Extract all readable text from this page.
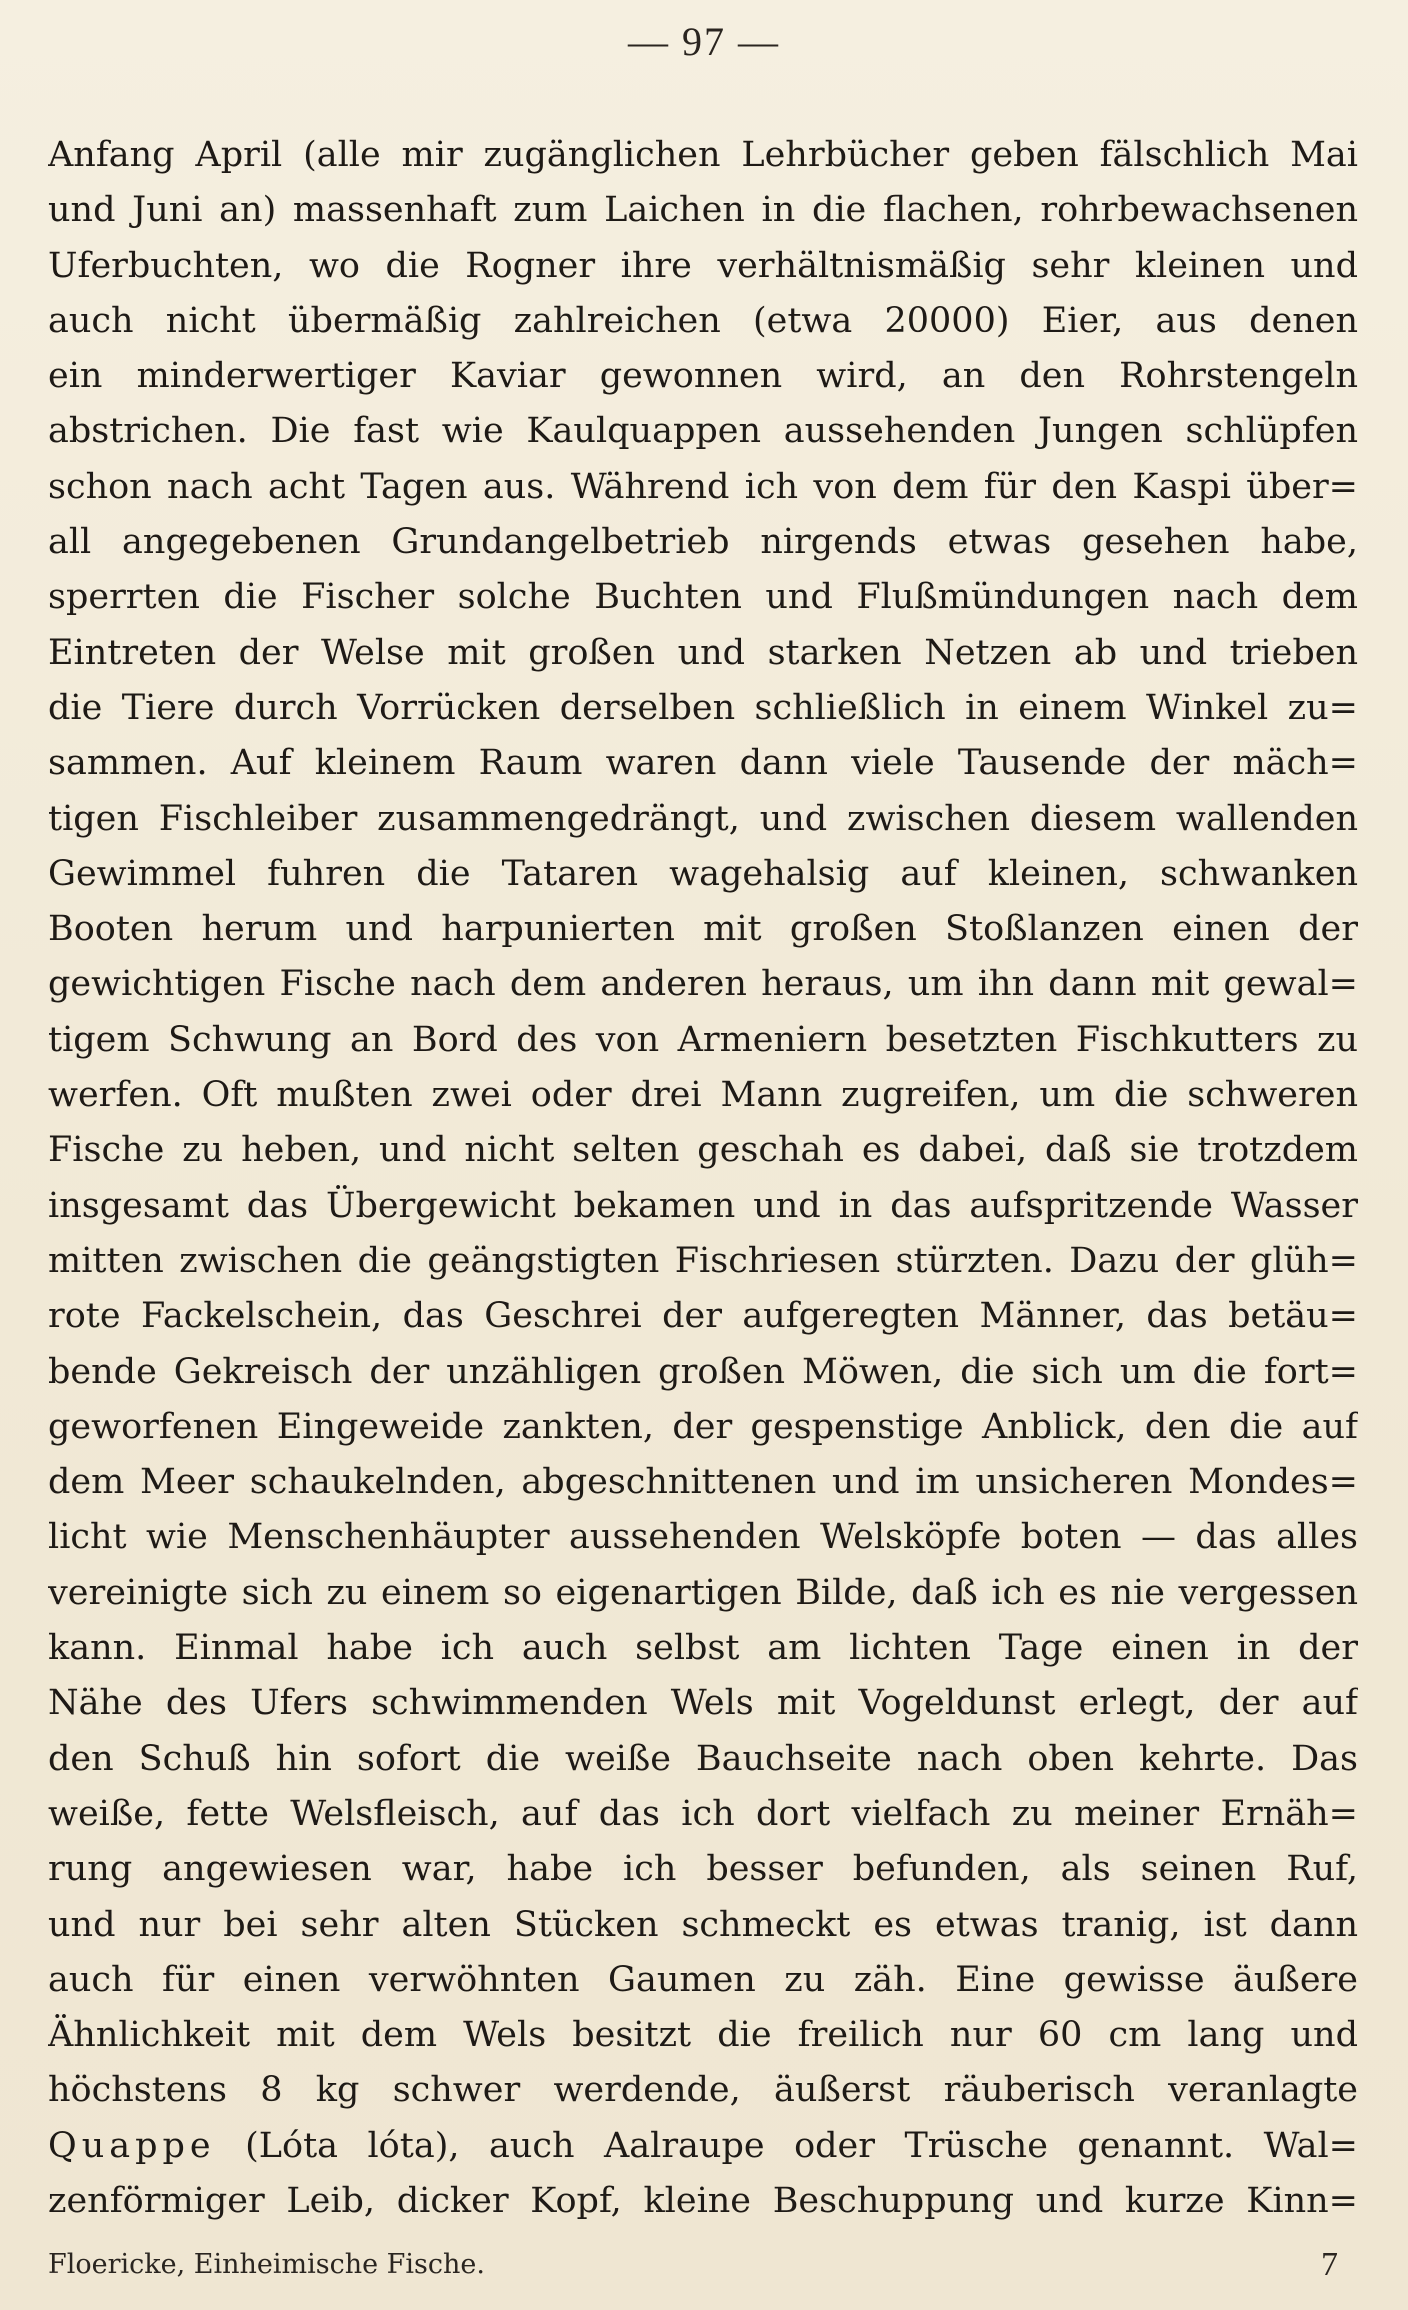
— 97 —
Anfang April (alle mir zugänglichen Lehrbücher geben fälschlich Mai
und Juni an) massenhaft zum Laichen in die flachen, rohrbewachsenen
Uferbuchten, wo die Rogner ihre verhältnismäßig sehr kleinen und
auch nicht übermäßig zahlreichen (etwa 20000) Eier, aus denen
ein minderwertiger Kaviar gewonnen wird, an den Rohrstengeln
abstrichen. Die fast wie Kaulquappen aussehenden Jungen schlüpfen
schon nach acht Tagen aus. Während ich von dem für den Kaspi über=
all angegebenen Grundangelbetrieb nirgends etwas gesehen habe,
sperrten die Fischer solche Buchten und Flußmündungen nach dem
Eintreten der Welse mit großen und starken Netzen ab und trieben
die Tiere durch Vorrücken derselben schließlich in einem Winkel zu=
sammen. Auf kleinem Raum waren dann viele Tausende der mäch=
tigen Fischleiber zusammengedrängt, und zwischen diesem wallenden
Gewimmel fuhren die Tataren wagehalsig auf kleinen, schwanken
Booten herum und harpunierten mit großen Stoßlanzen einen der
gewichtigen Fische nach dem anderen heraus, um ihn dann mit gewal=
tigem Schwung an Bord des von Armeniern besetzten Fischkutters zu
werfen. Oft mußten zwei oder drei Mann zugreifen, um die schweren
Fische zu heben, und nicht selten geschah es dabei, daß sie trotzdem
insgesamt das Übergewicht bekamen und in das aufspritzende Wasser
mitten zwischen die geängstigten Fischriesen stürzten. Dazu der glüh=
rote Fackelschein, das Geschrei der aufgeregten Männer, das betäu=
bende Gekreisch der unzähligen großen Möwen, die sich um die fort=
geworfenen Eingeweide zankten, der gespenstige Anblick, den die auf
dem Meer schaukelnden, abgeschnittenen und im unsicheren Mondes=
licht wie Menschenhäupter aussehenden Welsköpfe boten — das alles
vereinigte sich zu einem so eigenartigen Bilde, daß ich es nie vergessen
kann. Einmal habe ich auch selbst am lichten Tage einen in der
Nähe des Ufers schwimmenden Wels mit Vogeldunst erlegt, der auf
den Schuß hin sofort die weiße Bauchseite nach oben kehrte. Das
weiße, fette Welsfleisch, auf das ich dort vielfach zu meiner Ernäh=
rung angewiesen war, habe ich besser befunden, als seinen Ruf,
und nur bei sehr alten Stücken schmeckt es etwas tranig, ist dann
auch für einen verwöhnten Gaumen zu zäh. Eine gewisse äußere
Ähnlichkeit mit dem Wels besitzt die freilich nur 60 cm lang und
höchstens 8 kg schwer werdende, äußerst räuberisch veranlagte
Quappe (Lóta lóta), auch Aalraupe oder Trüsche genannt. Wal=
zenförmiger Leib, dicker Kopf, kleine Beschuppung und kurze Kinn=
Floericke, Einheimische Fische.	7
